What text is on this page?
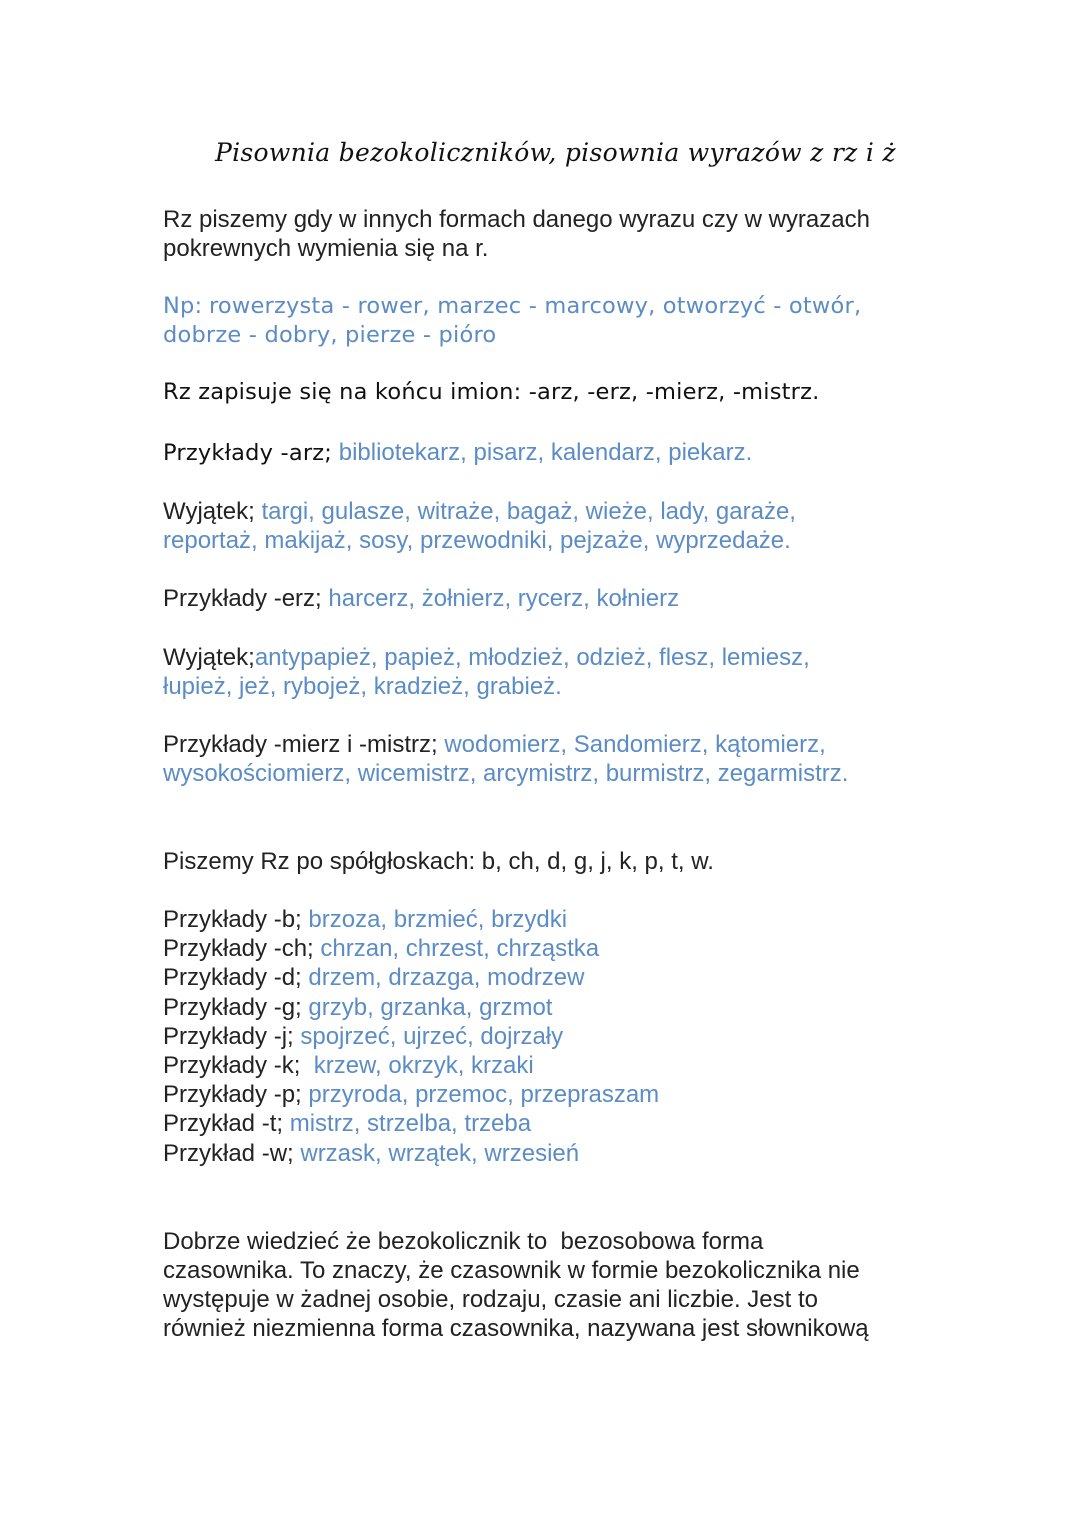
Pisownia bezokoliczników, pisownia wyrazów z rz i ż
Rz piszemy gdy w innych formach danego wyrazu czy w wyrazach
pokrewnych wymienia się na r.
Np: rowerzysta - rower, marzec - marcowy, otworzyć - otwór,
dobrze - dobry, pierze - pióro
Rz zapisuje się na końcu imion: -arz, -erz, -mierz, -mistrz.
Przykłady -arz; bibliotekarz, pisarz, kalendarz, piekarz.
Wyjątek; targi, gulasze, witraże, bagaż, wieże, lady, garaże,
reportaż, makijaż, sosy, przewodniki, pejzaże, wyprzedaże.
Przykłady -erz; harcerz, żołnierz, rycerz, kołnierz
Wyjątek;antypapież, papież, młodzież, odzież, flesz, lemiesz,
łupież, jeż, rybojeż, kradzież, grabież.
Przykłady -mierz i -mistrz; wodomierz, Sandomierz, kątomierz,
wysokościomierz, wicemistrz, arcymistrz, burmistrz, zegarmistrz.
Piszemy Rz po spółgłoskach: b, ch, d, g, j, k, p, t, w.
Przykłady -b; brzoza, brzmieć, brzydki
Przykłady -ch; chrzan, chrzest, chrząstka
Przykłady -d; drzem, drzazga, modrzew
Przykłady -g; grzyb, grzanka, grzmot
Przykłady -j; spojrzeć, ujrzeć, dojrzały
Przykłady -k;  krzew, okrzyk, krzaki
Przykłady -p; przyroda, przemoc, przepraszam
Przykład -t; mistrz, strzelba, trzeba
Przykład -w; wrzask, wrzątek, wrzesień
Dobrze wiedzieć że bezokolicznik to  bezosobowa forma
czasownika. To znaczy, że czasownik w formie bezokolicznika nie
występuje w żadnej osobie, rodzaju, czasie ani liczbie. Jest to
również niezmienna forma czasownika, nazywana jest słownikową
